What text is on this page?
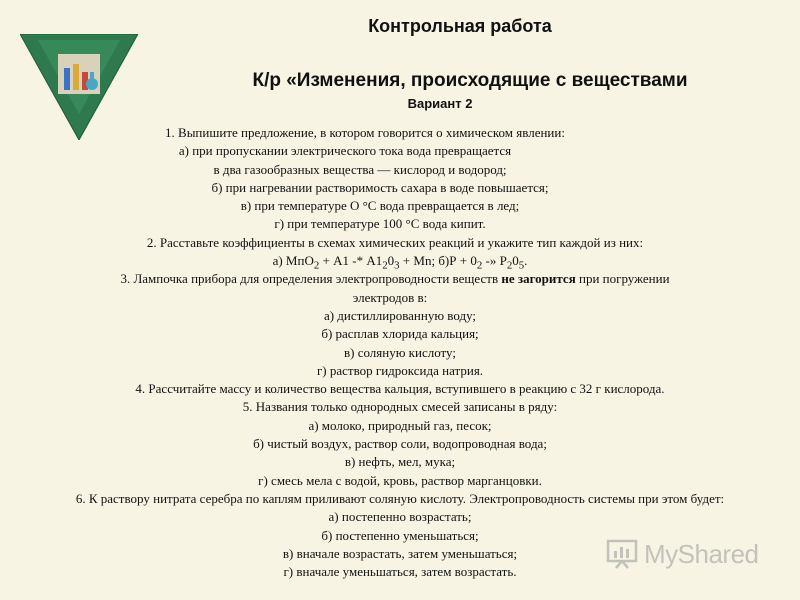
Контрольная работа
К/р «Изменения, происходящие с веществами
Вариант 2
1. Выпишите предложение, в котором говорится о химическом явлении:
а) при пропускании электрического тока вода превращается
в два газообразных вещества — кислород и водород;
б) при нагревании растворимость сахара в воде повышается;
в) при температуре О °С вода превращается в лед;
г) при температуре 100 °С вода кипит.
2. Расставьте коэффициенты в схемах химических реакций и укажите тип каждой из них:
а) $МпО_2 + А1 -* А1_20_3$ + Мn; $б)Р + 0_2$ -» $Р_20_5$.
3. Лампочка прибора для определения электропроводности веществ не загорится при погружении
электродов в:
а) дистиллированную воду;
б) расплав хлорида кальция;
в) соляную кислоту;
г) раствор гидроксида натрия.
4. Рассчитайте массу и количество вещества кальция, вступившего в реакцию с 32 г кислорода.
5. Названия только однородных смесей записаны в ряду:
а) молоко, природный газ, песок;
б) чистый воздух, раствор соли, водопроводная вода;
в) нефть, мел, мука;
г) смесь мела с водой, кровь, раствор марганцовки.
6. К раствору нитрата серебра по каплям приливают соляную кислоту. Электропроводность системы при этом будет:
а) постепенно возрастать;
б) постепенно уменьшаться;
в) вначале возрастать, затем уменьшаться;
г) вначале уменьшаться, затем возрастать.
MyShared
